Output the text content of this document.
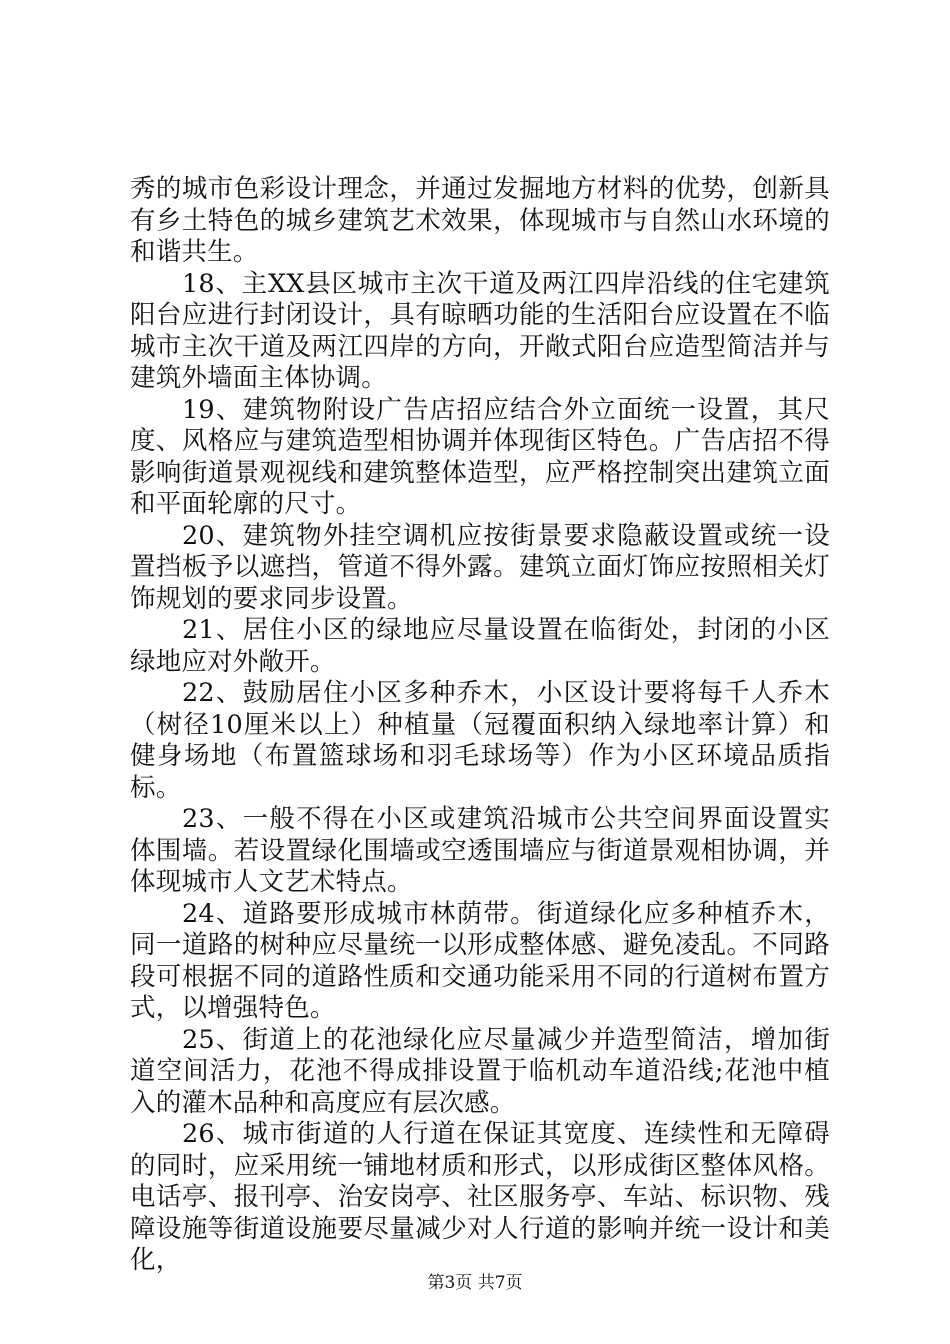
秀的城市色彩设计理念，并通过发掘地方材料的优势，创新具有乡土特色的城乡建筑艺术效果，体现城市与自然山水环境的和谐共生。

18、主XX县区城市主次干道及两江四岸沿线的住宅建筑阳台应进行封闭设计，具有晾晒功能的生活阳台应设置在不临城市主次干道及两江四岸的方向，开敞式阳台应造型简洁并与建筑外墙面主体协调。

19、建筑物附设广告店招应结合外立面统一设置，其尺度、风格应与建筑造型相协调并体现街区特色。广告店招不得影响街道景观视线和建筑整体造型，应严格控制突出建筑立面和平面轮廓的尺寸。

20、建筑物外挂空调机应按街景要求隐蔽设置或统一设置挡板予以遮挡，管道不得外露。建筑立面灯饰应按照相关灯饰规划的要求同步设置。

21、居住小区的绿地应尽量设置在临街处，封闭的小区绿地应对外敞开。

22、鼓励居住小区多种乔木，小区设计要将每千人乔木（树径10厘米以上）种植量（冠覆面积纳入绿地率计算）和健身场地（布置篮球场和羽毛球场等）作为小区环境品质指标。

23、一般不得在小区或建筑沿城市公共空间界面设置实体围墙。若设置绿化围墙或空透围墙应与街道景观相协调，并体现城市人文艺术特点。

24、道路要形成城市林荫带。街道绿化应多种植乔木，同一道路的树种应尽量统一以形成整体感、避免凌乱。不同路段可根据不同的道路性质和交通功能采用不同的行道树布置方式，以增强特色。

25、街道上的花池绿化应尽量减少并造型简洁，增加街道空间活力，花池不得成排设置于临机动车道沿线;花池中植入的灌木品种和高度应有层次感。

26、城市街道的人行道在保证其宽度、连续性和无障碍的同时，应采用统一铺地材质和形式，以形成街区整体风格。电话亭、报刊亭、治安岗亭、社区服务亭、车站、标识物、残障设施等街道设施要尽量减少对人行道的影响并统一设计和美化，

第3页 共7页
